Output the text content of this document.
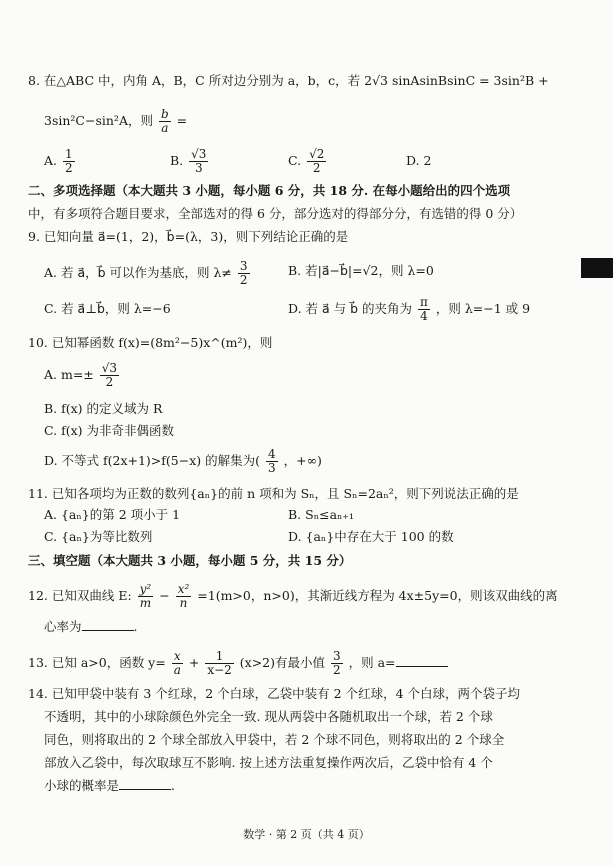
8. 在△ABC 中，内角 A，B，C 所对边分别为 a，b，c，若 2√3 sinAsinBsinC = 3sin²B +
3sin²C−sin²A，则 $\frac{b}{a}$ =
A. $\frac{1}{2}$	B. $\frac{√3}{3}$	C. $\frac{√2}{2}$	D. 2
二、多项选择题（本大题共 3 小题，每小题 6 分，共 18 分. 在每小题给出的四个选项
中，有多项符合题目要求，全部选对的得 6 分，部分选对的得部分分，有选错的得 0 分）
9. 已知向量 a⃗=(1，2)，b⃗=(λ，3)，则下列结论正确的是
A. 若 a⃗，b⃗ 可以作为基底，则 $\lambda\ne \frac{3}{2}$	B. 若|a⃗−b⃗|=√2，则 λ=0
C. 若 a⃗⊥b⃗，则 λ=−6	D. 若 a⃗ 与 b⃗ 的夹角为 $\frac{\pi}{4}$ ，则 λ=−1 或 9
10. 已知幂函数 f(x)=(8m²−5)x^(m²)，则
A. $m=\pm \frac{√3}{2}$
B. f(x) 的定义域为 R
C. f(x) 为非奇非偶函数
D. 不等式 f(2x+1)>f(5−x) 的解集为( $\frac{4}{3}$ ，+∞)
11. 已知各项均为正数的数列{aₙ}的前 n 项和为 Sₙ，且 Sₙ=2aₙ²，则下列说法正确的是
A. {aₙ}的第 2 项小于 1	B. Sₙ≤aₙ₊₁
C. {aₙ}为等比数列	D. {aₙ}中存在大于 100 的数
三、填空题（本大题共 3 小题，每小题 5 分，共 15 分）
12. 已知双曲线 E: $\frac{\text{y²}}{m} - \frac{\text{x²}}{n} =1(m>0$，n>0)，其渐近线方程为 4x±5y=0，则该双曲线的离
心率为	.
13. 已知 a>0，函数 $y= \frac{x}{a} + \frac{1}{x-2} (x>2)$有最小值 $\frac{3}{2}$ ，则 a=
14. 已知甲袋中装有 3 个红球，2 个白球，乙袋中装有 2 个红球，4 个白球，两个袋子均
不透明，其中的小球除颜色外完全一致. 现从两袋中各随机取出一个球，若 2 个球
同色，则将取出的 2 个球全部放入甲袋中，若 2 个球不同色，则将取出的 2 个球全
部放入乙袋中，每次取球互不影响. 按上述方法重复操作两次后，乙袋中恰有 4 个
小球的概率是	.
数学 · 第 2 页（共 4 页）
